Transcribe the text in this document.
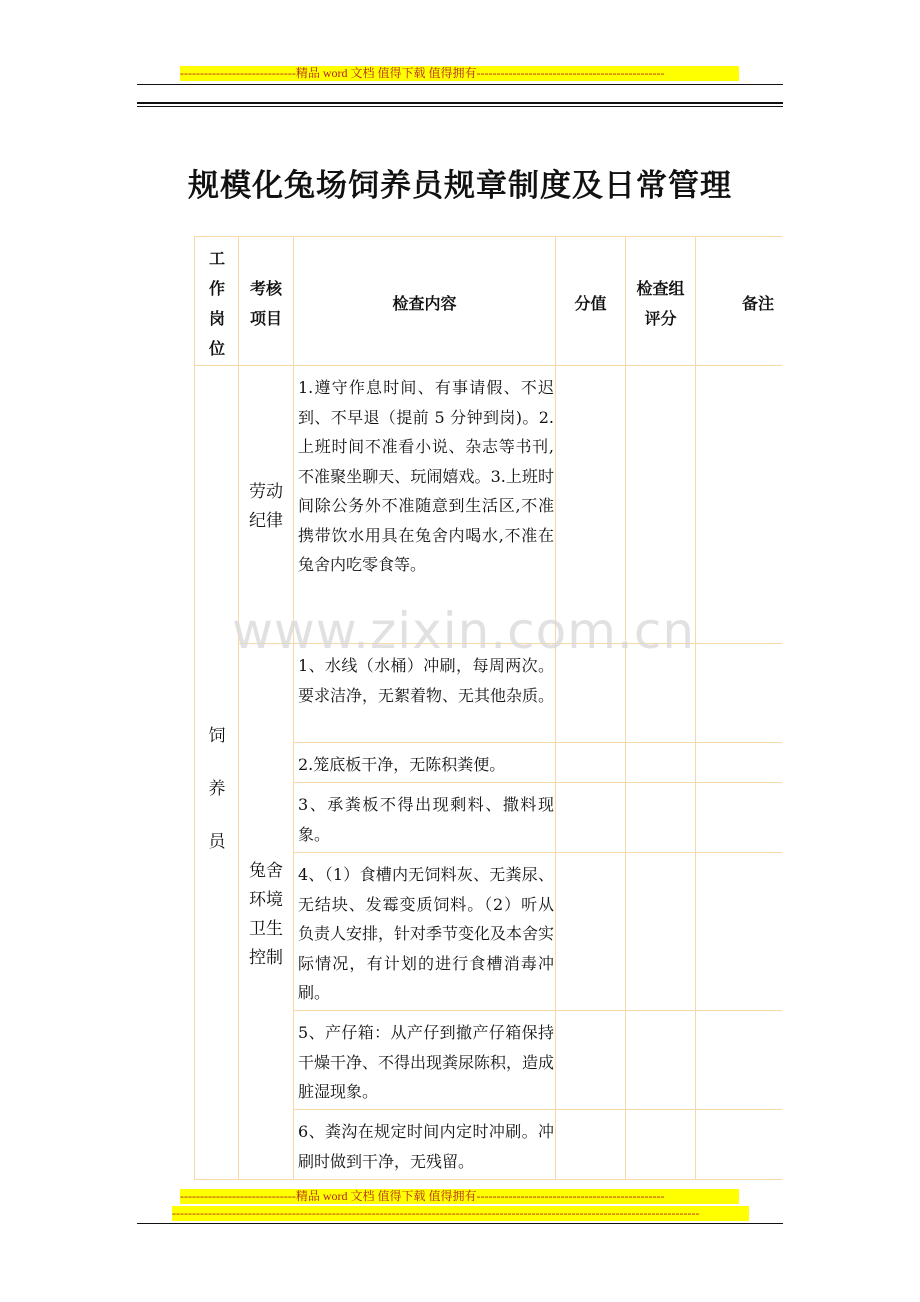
-----------------------------精品 word 文档 值得下载 值得拥有-----------------------------------------------
规模化兔场饲养员规章制度及日常管理
工
作
岗
位
考核
项目
检查内容	分值
检查组
评分
备注
饲
养
员
劳动
纪律
兔舍
环境
卫生
控制
1.遵守作息时间、有事请假、不迟到、不早退（提前 5 分钟到岗)。2.上班时间不准看小说、杂志等书刊,不准聚坐聊天、玩闹嬉戏。3.上班时间除公务外不准随意到生活区,不准携带饮水用具在兔舍内喝水,不准在兔舍内吃零食等。
1、水线（水桶）冲刷，每周两次。要求洁净，无絮着物、无其他杂质。
2.笼底板干净，无陈积粪便。
3、承粪板不得出现剩料、撒料现象。
4、（1）食槽内无饲料灰、无粪尿、无结块、发霉变质饲料。（2）听从负责人安排，针对季节变化及本舍实际情况，有计划的进行食槽消毒冲刷。
5、产仔箱：从产仔到撤产仔箱保持干燥干净、不得出现粪尿陈积，造成脏湿现象。
6、粪沟在规定时间内定时冲刷。冲刷时做到干净，无残留。
www.zixin.com.cn
-----------------------------精品 word 文档 值得下载 值得拥有-----------------------------------------------
------------------------------------------------------------------------------------------------------------------------------------
